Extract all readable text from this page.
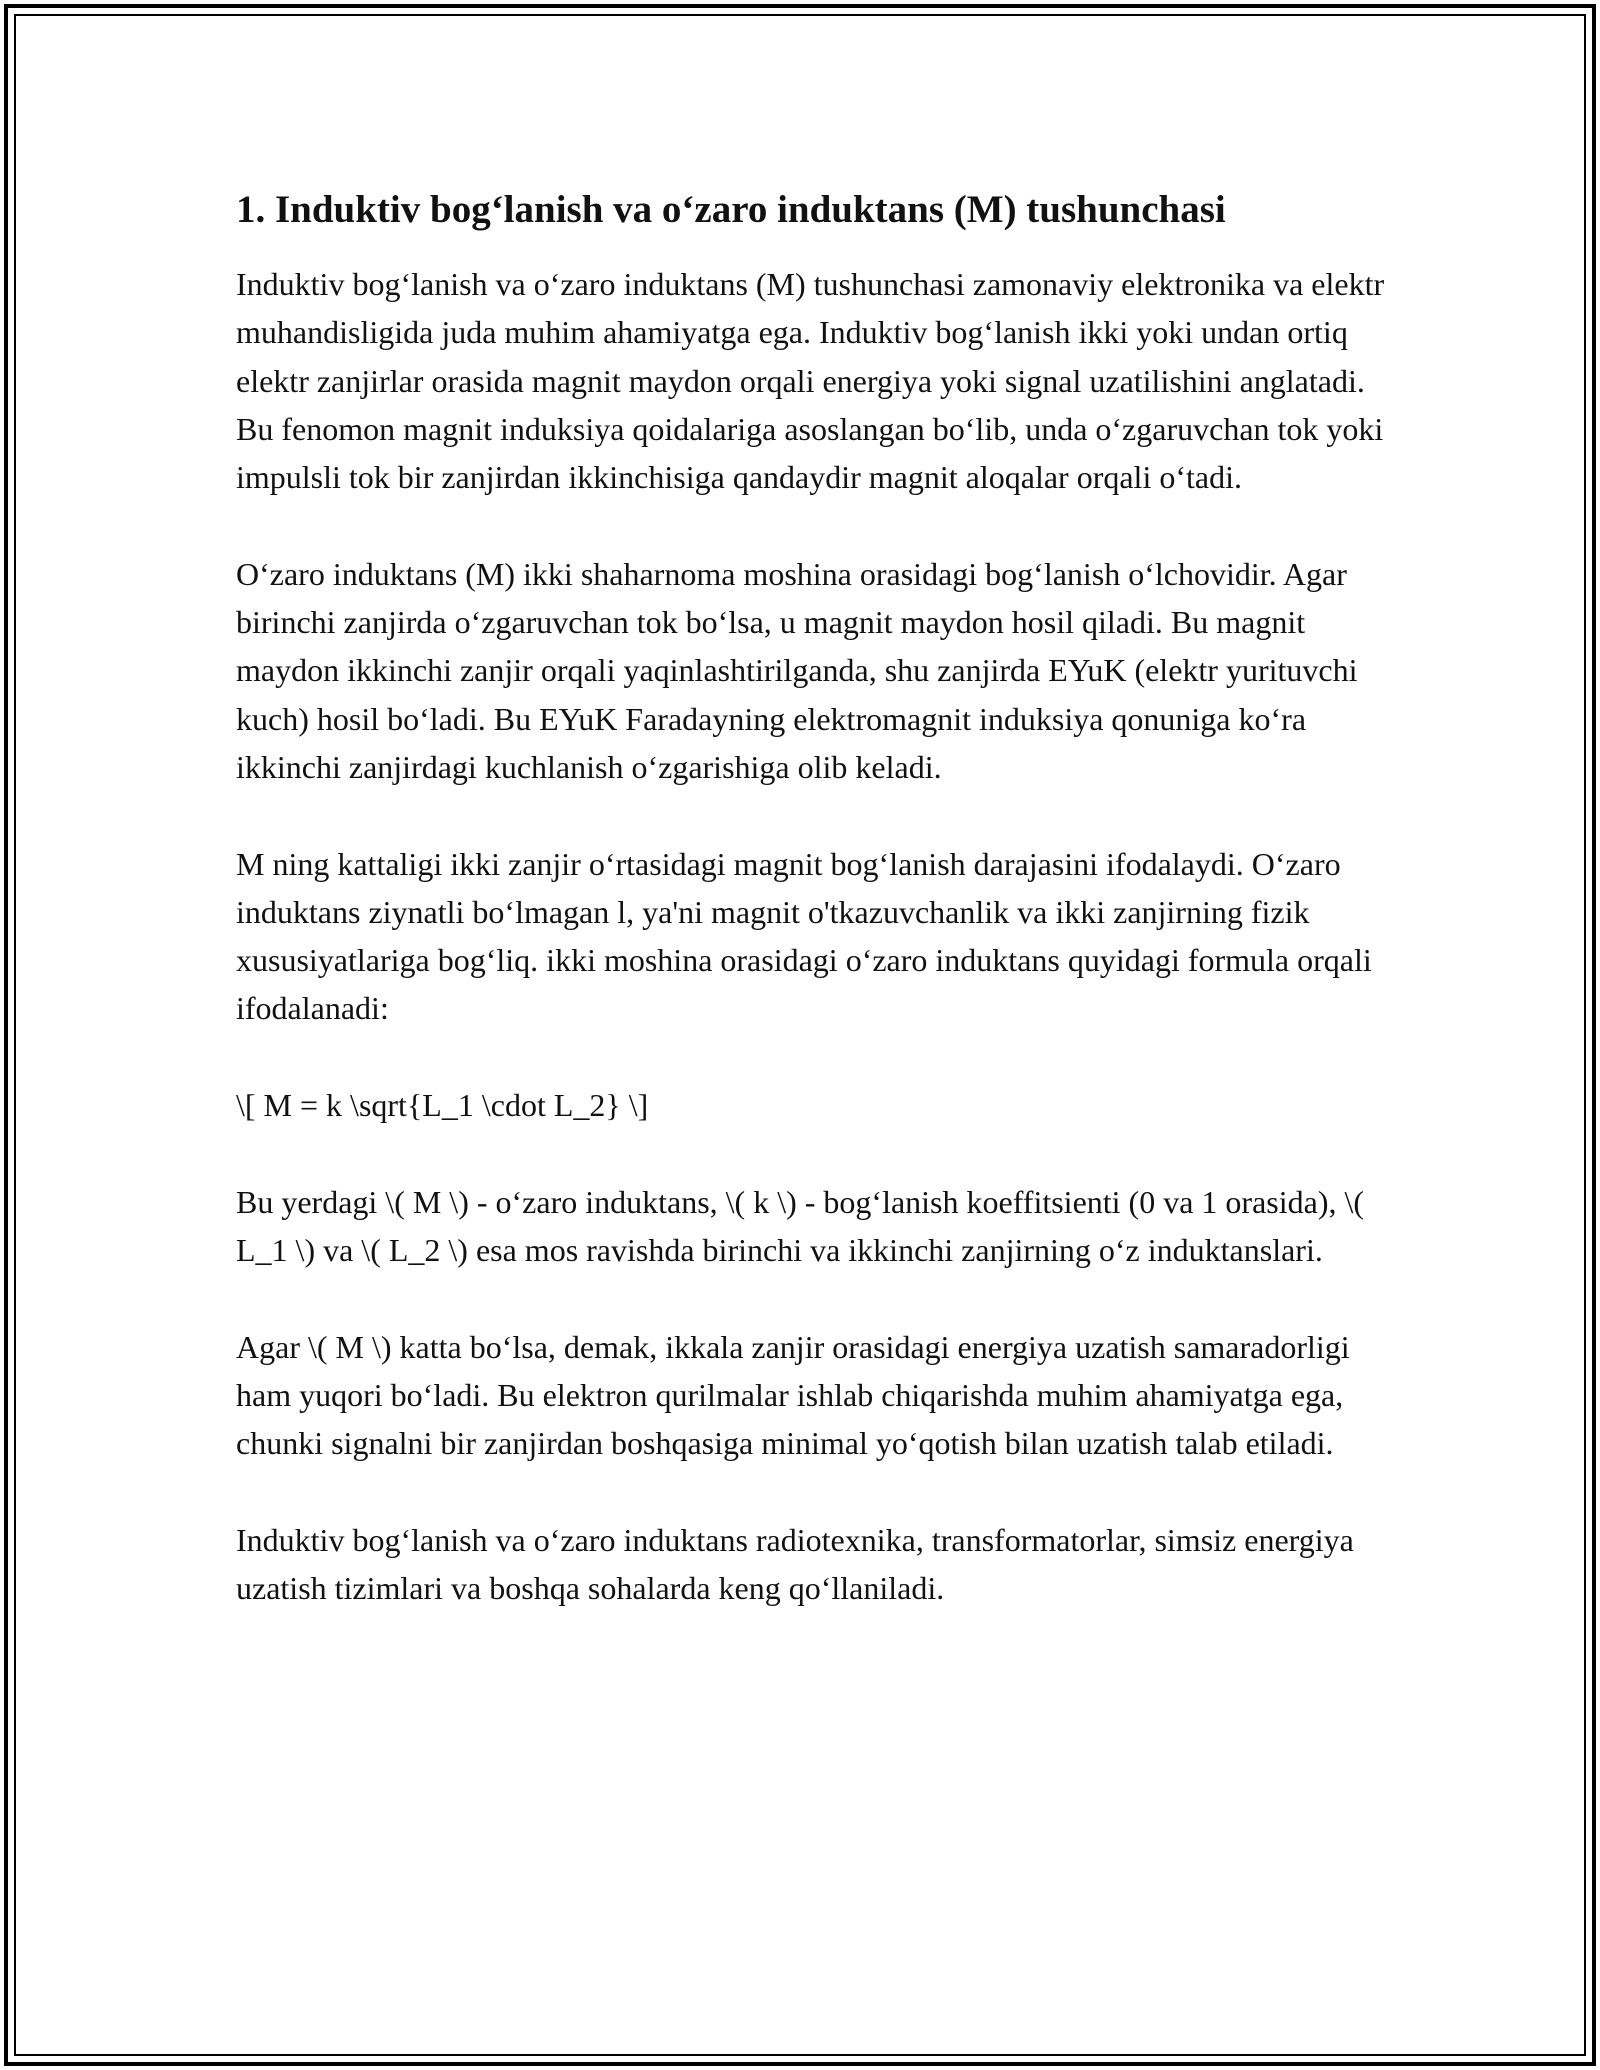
1. Induktiv bog‘lanish va o‘zaro induktans (M) tushunchasi

Induktiv bog‘lanish va o‘zaro induktans (M) tushunchasi zamonaviy elektronika va elektr muhandisligida juda muhim ahamiyatga ega. Induktiv bog‘lanish ikki yoki undan ortiq elektr zanjirlar orasida magnit maydon orqali energiya yoki signal uzatilishini anglatadi. Bu fenomon magnit induksiya qoidalariga asoslangan bo‘lib, unda o‘zgaruvchan tok yoki impulsli tok bir zanjirdan ikkinchisiga qandaydir magnit aloqalar orqali o‘tadi.

O‘zaro induktans (M) ikki shaharnoma moshina orasidagi bog‘lanish o‘lchovidir. Agar birinchi zanjirda o‘zgaruvchan tok bo‘lsa, u magnit maydon hosil qiladi. Bu magnit maydon ikkinchi zanjir orqali yaqinlashtirilganda, shu zanjirda EYuK (elektr yurituvchi kuch) hosil bo‘ladi. Bu EYuK Faradayning elektromagnit induksiya qonuniga ko‘ra ikkinchi zanjirdagi kuchlanish o‘zgarishiga olib keladi.

M ning kattaligi ikki zanjir o‘rtasidagi magnit bog‘lanish darajasini ifodalaydi. O‘zaro induktans ziynatli bo‘lmagan l, ya'ni magnit o'tkazuvchanlik va ikki zanjirning fizik xususiyatlariga bog‘liq. ikki moshina orasidagi o‘zaro induktans quyidagi formula orqali ifodalanadi:

\[ M = k \sqrt{L_1 \cdot L_2} \]

Bu yerdagi \( M \) - o‘zaro induktans, \( k \) - bog‘lanish koeffitsienti (0 va 1 orasida), \( L_1 \) va \( L_2 \) esa mos ravishda birinchi va ikkinchi zanjirning o‘z induktanslari.

Agar \( M \) katta bo‘lsa, demak, ikkala zanjir orasidagi energiya uzatish samaradorligi ham yuqori bo‘ladi. Bu elektron qurilmalar ishlab chiqarishda muhim ahamiyatga ega, chunki signalni bir zanjirdan boshqasiga minimal yo‘qotish bilan uzatish talab etiladi.

Induktiv bog‘lanish va o‘zaro induktans radiotexnika, transformatorlar, simsiz energiya uzatish tizimlari va boshqa sohalarda keng qo‘llaniladi.
